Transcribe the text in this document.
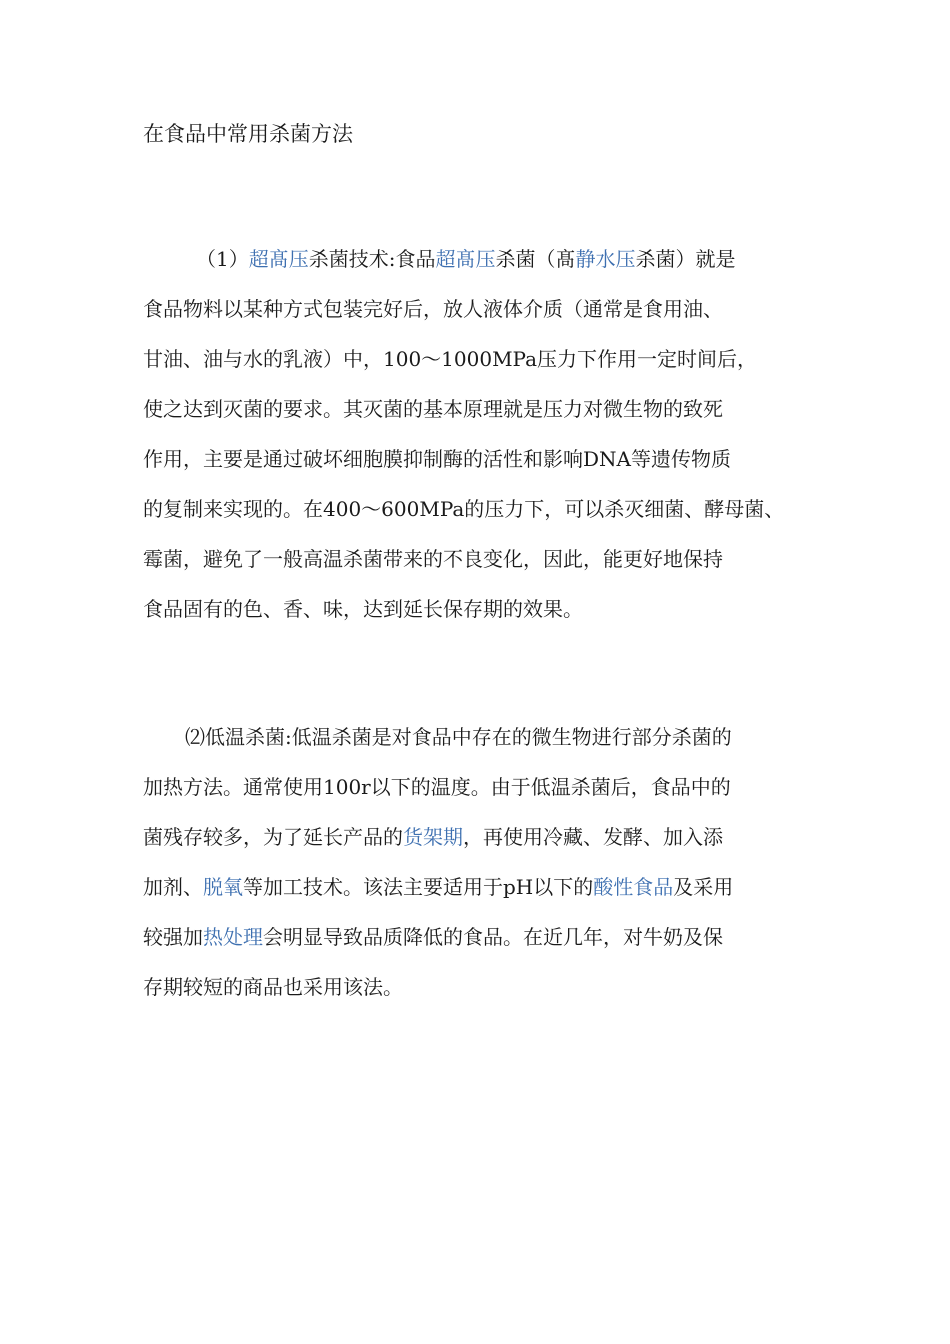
在食品中常用杀菌方法
（1）超髙压杀菌技术:食品超髙压杀菌（髙静水压杀菌）就是
食品物料以某种方式包装完好后，放人液体介质（通常是食用油、
甘油、油与水的乳液）中，100〜1000MPa压力下作用一定时间后，
使之达到灭菌的要求。其灭菌的基本原理就是压力对微生物的致死
作用，主要是通过破坏细胞膜抑制酶的活性和影响DNA等遗传物质
的复制来实现的。在400〜600MPa的压力下，可以杀灭细菌、酵母菌、
霉菌，避免了一般高温杀菌带来的不良变化，因此，能更好地保持
食品固有的色、香、味，达到延长保存期的效果。
⑵低温杀菌:低温杀菌是对食品中存在的微生物进行部分杀菌的
加热方法。通常使用100r以下的温度。由于低温杀菌后，食品中的
菌残存较多，为了延长产品的货架期，再使用冷藏、发酵、加入添
加剂、脱氧等加工技术。该法主要适用于pH以下的酸性食品及采用
较强加热处理会明显导致品质降低的食品。在近几年，对牛奶及保
存期较短的商品也采用该法。
